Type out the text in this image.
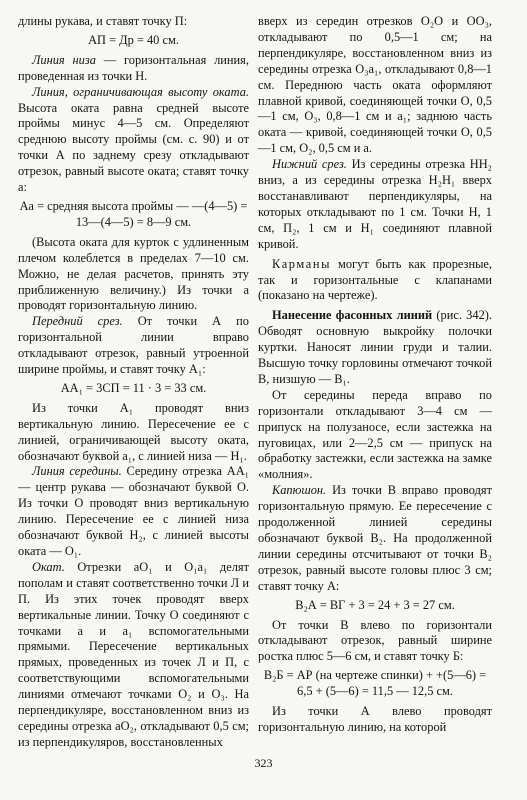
длины рукава, и ставят точку П:

АП = Др = 40 см.

Линия низа — горизонтальная линия, проведенная из точки Н.

Линия, ограничивающая высоту оката. Высота оката равна средней высоте проймы минус 4—5 см. Определяют среднюю высоту проймы (см. с. 90) и от точки А по заднему срезу откладывают отрезок, равный высоте оката; ставят точку а:

Аа = средняя высота проймы — —(4—5) = 13—(4—5) = 8—9 см.

(Высота оката для курток с удлиненным плечом колеблется в пределах 7—10 см. Можно, не делая расчетов, принять эту приближенную величину.) Из точки а проводят горизонтальную линию.

Передний срез. От точки А по горизонтальной линии вправо откладывают отрезок, равный утроенной ширине проймы, и ставят точку А₁:

АА₁ = 3СП = 11 · 3 = 33 см.

Из точки А₁ проводят вниз вертикальную линию. Пересечение ее с линией, ограничивающей высоту оката, обозначают буквой а₁, с линией низа — Н₁.

Линия середины. Середину отрезка АА₁ — центр рукава — обозначают буквой О. Из точки О проводят вниз вертикальную линию. Пересечение ее с линией низа обозначают буквой Н₂, с линией высоты оката — О₁.

Окат. Отрезки аО₁ и О₁а₁ делят пополам и ставят соответственно точки Л и П. Из этих точек проводят вверх вертикальные линии. Точку О соединяют с точками а и а₁ вспомогательными прямыми. Пересечение вертикальных прямых, проведенных из точек Л и П, с соответствующими вспомогательными линиями отмечают точками О₂ и О₃. На перпендикуляре, восстановленном вниз из середины отрезка аО₂, откладывают 0,5 см; из перпендикуляров, восстановленных

вверх из середин отрезков О₂О и ОО₃, откладывают по 0,5—1 см; на перпендикуляре, восстановленном вниз из середины отрезка О₃а₁, откладывают 0,8—1 см. Переднюю часть оката оформляют плавной кривой, соединяющей точки О, 0,5—1 см, О₃, 0,8—1 см и а₁; заднюю часть оката — кривой, соединяющей точки О, 0,5—1 см, О₂, 0,5 см и а.

Нижний срез. Из середины отрезка НН₂ вниз, а из середины отрезка Н₂Н₁ вверх восстанавливают перпендикуляры, на которых откладывают по 1 см. Точки Н, 1 см, П₂, 1 см и Н₁ соединяют плавной кривой.

Карманы могут быть как прорезные, так и горизонтальные с клапанами (показано на чертеже).

Нанесение фасонных линий (рис. 342). Обводят основную выкройку полочки куртки. Наносят линии груди и талии. Высшую точку горловины отмечают точкой В, низшую — В₁.

От середины переда вправо по горизонтали откладывают 3—4 см — припуск на полузаносе, если застежка на пуговицах, или 2—2,5 см — припуск на обработку застежки, если застежка на замке «молния».

Капюшон. Из точки В вправо проводят горизонтальную прямую. Ее пересечение с продолженной линией середины обозначают буквой В₂. На продолженной линии середины отсчитывают от точки В₂ отрезок, равный высоте головы плюс 3 см; ставят точку А:

В₂А = ВГ + 3 = 24 + 3 = 27 см.

От точки В влево по горизонтали откладывают отрезок, равный ширине ростка плюс 5—6 см, и ставят точку Б:

В₂Б = АР (на чертеже спинки) + +(5—6) = 6,5 + (5—6) = 11,5 — 12,5 см.

Из точки А влево проводят горизонтальную линию, на которой

323
